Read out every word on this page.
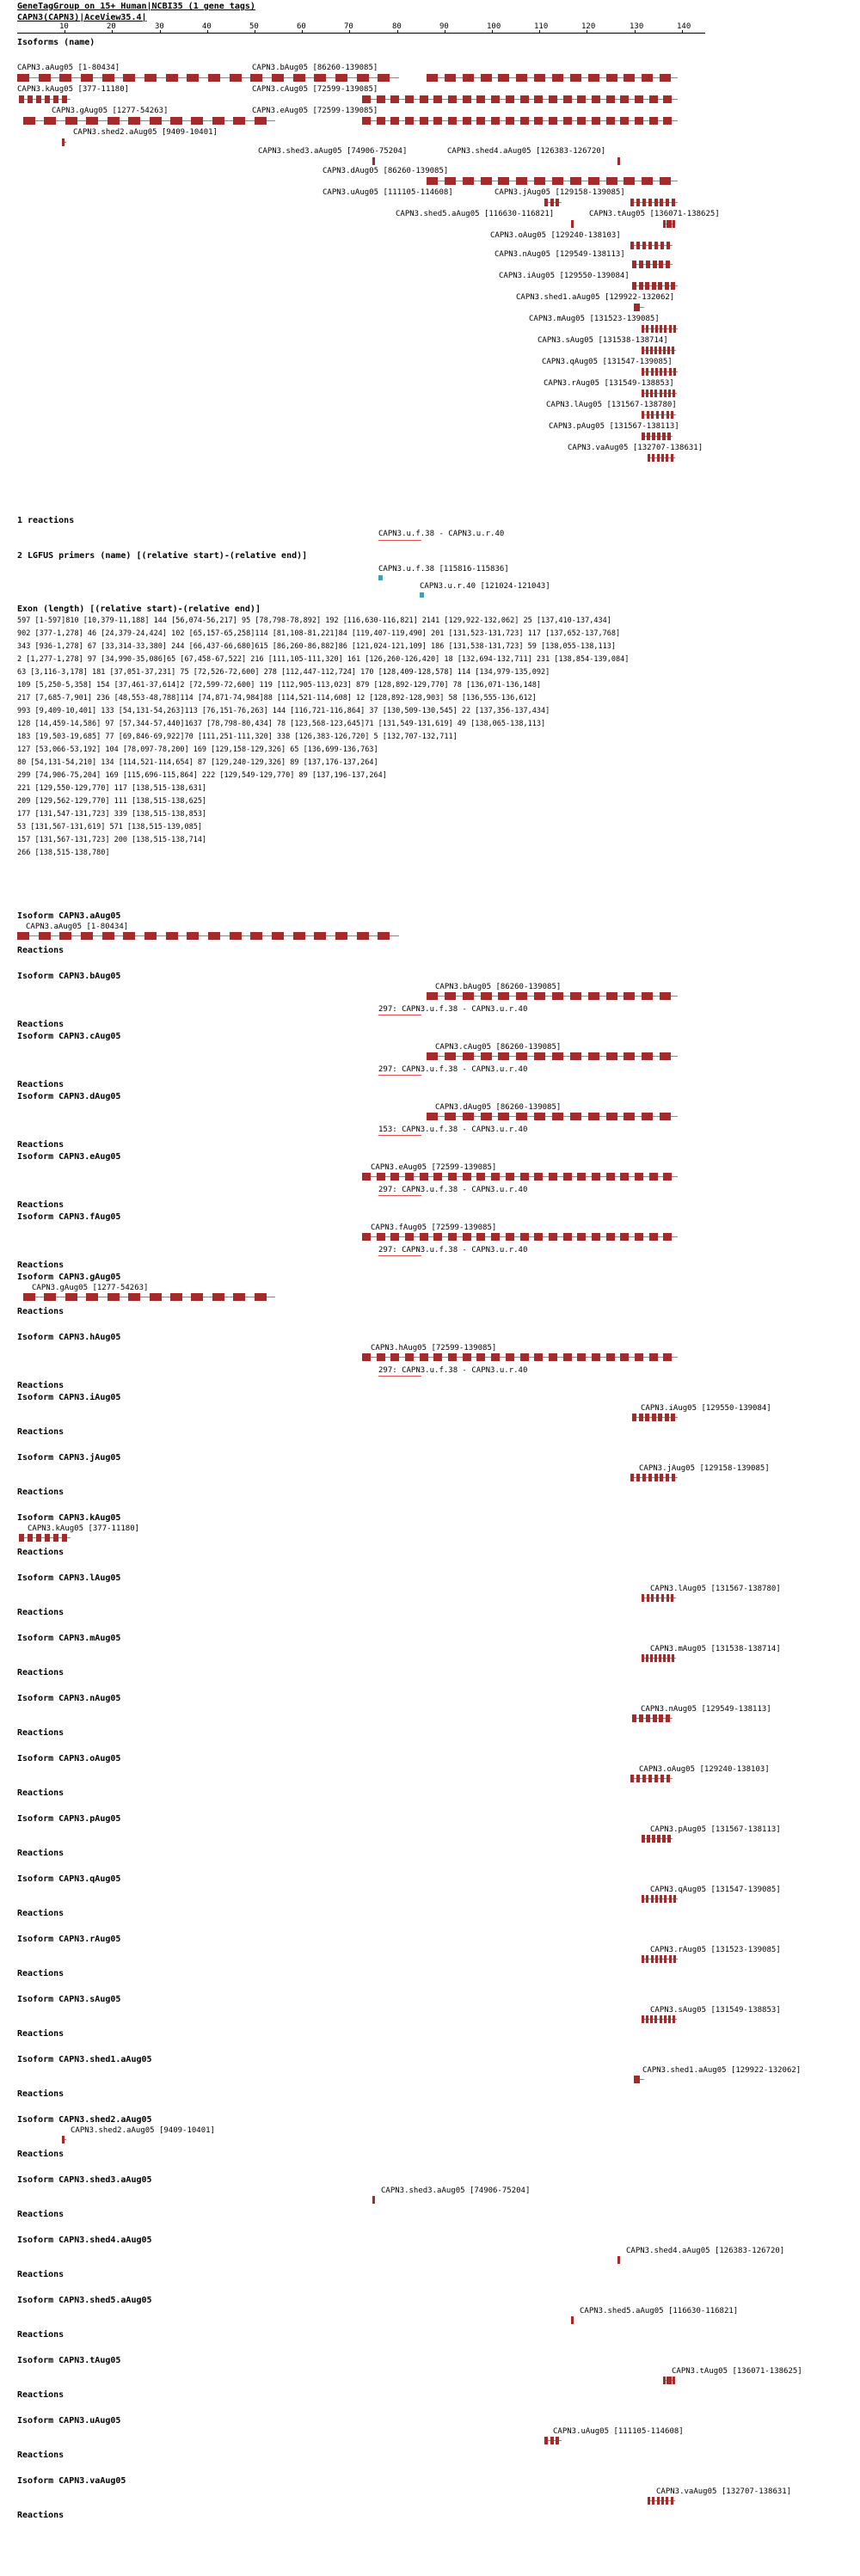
GeneTagGroup on 15+ Human|NCBI35 (1 gene tags)
CAPN3(CAPN3)|AceView35.4|
10	20	30	40	50	60	70	80	90	100	110	120	130	140
Isoforms (name)
CAPN3.aAug05 [1-80434]	CAPN3.bAug05 [86260-139085]
CAPN3.kAug05 [377-11180]	CAPN3.cAug05 [72599-139085]
CAPN3.gAug05 [1277-54263]	CAPN3.eAug05 [72599-139085]
CAPN3.shed2.aAug05 [9409-10401]
CAPN3.shed3.aAug05 [74906-75204]	CAPN3.shed4.aAug05 [126383-126720]
CAPN3.dAug05 [86260-139085]
CAPN3.uAug05 [111105-114608]	CAPN3.jAug05 [129158-139085]
CAPN3.shed5.aAug05 [116630-116821]	CAPN3.tAug05 [136071-138625]
CAPN3.oAug05 [129240-138103]
CAPN3.nAug05 [129549-138113]
CAPN3.iAug05 [129550-139084]
CAPN3.shed1.aAug05 [129922-132062]
CAPN3.mAug05 [131523-139085]
CAPN3.sAug05 [131538-138714]
CAPN3.qAug05 [131547-139085]
CAPN3.rAug05 [131549-138853]
CAPN3.lAug05 [131567-138780]
CAPN3.pAug05 [131567-138113]
CAPN3.vaAug05 [132707-138631]
1 reactions
CAPN3.u.f.38 - CAPN3.u.r.40
2 LGFUS primers (name) [(relative start)-(relative end)]
CAPN3.u.f.38 [115816-115836]
CAPN3.u.r.40 [121024-121043]
Exon (length) [(relative start)-(relative end)]
597 [1-597]810 [10,379-11,188] 144 [56,074-56,217] 95 [78,798-78,892] 192 [116,630-116,821] 2141 [129,922-132,062] 25 [137,410-137,434]
902 [377-1,278] 46 [24,379-24,424] 102 [65,157-65,258]114 [81,108-81,221]84 [119,407-119,490] 201 [131,523-131,723] 117 [137,652-137,768]
343 [936-1,278] 67 [33,314-33,380] 244 [66,437-66,680]615 [86,260-86,882]86 [121,024-121,109] 186 [131,538-131,723] 59 [138,055-138,113]
2 [1,277-1,278] 97 [34,990-35,086]65 [67,458-67,522] 216 [111,105-111,320] 161 [126,260-126,420] 18 [132,694-132,711] 231 [138,854-139,084]
63 [3,116-3,178] 181 [37,051-37,231] 75 [72,526-72,600] 278 [112,447-112,724] 170 [128,409-128,578] 114 [134,979-135,092]
109 [5,250-5,358] 154 [37,461-37,614]2 [72,599-72,600] 119 [112,905-113,023] 879 [128,892-129,770] 78 [136,071-136,148]
217 [7,685-7,901] 236 [48,553-48,788]114 [74,871-74,984]88 [114,521-114,608] 12 [128,892-128,903] 58 [136,555-136,612]
993 [9,409-10,401] 133 [54,131-54,263]113 [76,151-76,263] 144 [116,721-116,864] 37 [130,509-130,545] 22 [137,356-137,434]
128 [14,459-14,586] 97 [57,344-57,440]1637 [78,798-80,434] 78 [123,568-123,645]71 [131,549-131,619] 49 [138,065-138,113]
183 [19,503-19,685] 77 [69,846-69,922]70 [111,251-111,320] 338 [126,383-126,720] 5 [132,707-132,711]
127 [53,066-53,192] 104 [78,097-78,200] 169 [129,158-129,326] 65 [136,699-136,763]
80 [54,131-54,210] 134 [114,521-114,654] 87 [129,240-129,326] 89 [137,176-137,264]
299 [74,906-75,204] 169 [115,696-115,864] 222 [129,549-129,770] 89 [137,196-137,264]
221 [129,550-129,770] 117 [138,515-138,631]
209 [129,562-129,770] 111 [138,515-138,625]
177 [131,547-131,723] 339 [138,515-138,853]
53 [131,567-131,619] 571 [138,515-139,085]
157 [131,567-131,723] 200 [138,515-138,714]
266 [138,515-138,780]
Isoform CAPN3.aAug05
CAPN3.aAug05 [1-80434]
Reactions
Isoform CAPN3.bAug05
CAPN3.bAug05 [86260-139085]
297: CAPN3.u.f.38 - CAPN3.u.r.40
Reactions
Isoform CAPN3.cAug05
CAPN3.cAug05 [86260-139085]
297: CAPN3.u.f.38 - CAPN3.u.r.40
Reactions
Isoform CAPN3.dAug05
CAPN3.dAug05 [86260-139085]
153: CAPN3.u.f.38 - CAPN3.u.r.40
Reactions
Isoform CAPN3.eAug05
CAPN3.eAug05 [72599-139085]
297: CAPN3.u.f.38 - CAPN3.u.r.40
Reactions
Isoform CAPN3.fAug05
CAPN3.fAug05 [72599-139085]
297: CAPN3.u.f.38 - CAPN3.u.r.40
Reactions
Isoform CAPN3.gAug05
CAPN3.gAug05 [1277-54263]
Reactions
Isoform CAPN3.hAug05
CAPN3.hAug05 [72599-139085]
297: CAPN3.u.f.38 - CAPN3.u.r.40
Reactions
Isoform CAPN3.iAug05
CAPN3.iAug05 [129550-139084]
Reactions
Isoform CAPN3.jAug05
CAPN3.jAug05 [129158-139085]
Reactions
Isoform CAPN3.kAug05
CAPN3.kAug05 [377-11180]
Reactions
Isoform CAPN3.lAug05
CAPN3.lAug05 [131567-138780]
Reactions
Isoform CAPN3.mAug05
CAPN3.mAug05 [131538-138714]
Reactions
Isoform CAPN3.nAug05
CAPN3.nAug05 [129549-138113]
Reactions
Isoform CAPN3.oAug05
CAPN3.oAug05 [129240-138103]
Reactions
Isoform CAPN3.pAug05
CAPN3.pAug05 [131567-138113]
Reactions
Isoform CAPN3.qAug05
CAPN3.qAug05 [131547-139085]
Reactions
Isoform CAPN3.rAug05
CAPN3.rAug05 [131523-139085]
Reactions
Isoform CAPN3.sAug05
CAPN3.sAug05 [131549-138853]
Reactions
Isoform CAPN3.shed1.aAug05
CAPN3.shed1.aAug05 [129922-132062]
Reactions
Isoform CAPN3.shed2.aAug05
CAPN3.shed2.aAug05 [9409-10401]
Reactions
Isoform CAPN3.shed3.aAug05
CAPN3.shed3.aAug05 [74906-75204]
Reactions
Isoform CAPN3.shed4.aAug05
CAPN3.shed4.aAug05 [126383-126720]
Reactions
Isoform CAPN3.shed5.aAug05
CAPN3.shed5.aAug05 [116630-116821]
Reactions
Isoform CAPN3.tAug05
CAPN3.tAug05 [136071-138625]
Reactions
Isoform CAPN3.uAug05
CAPN3.uAug05 [111105-114608]
Reactions
Isoform CAPN3.vaAug05
CAPN3.vaAug05 [132707-138631]
Reactions
